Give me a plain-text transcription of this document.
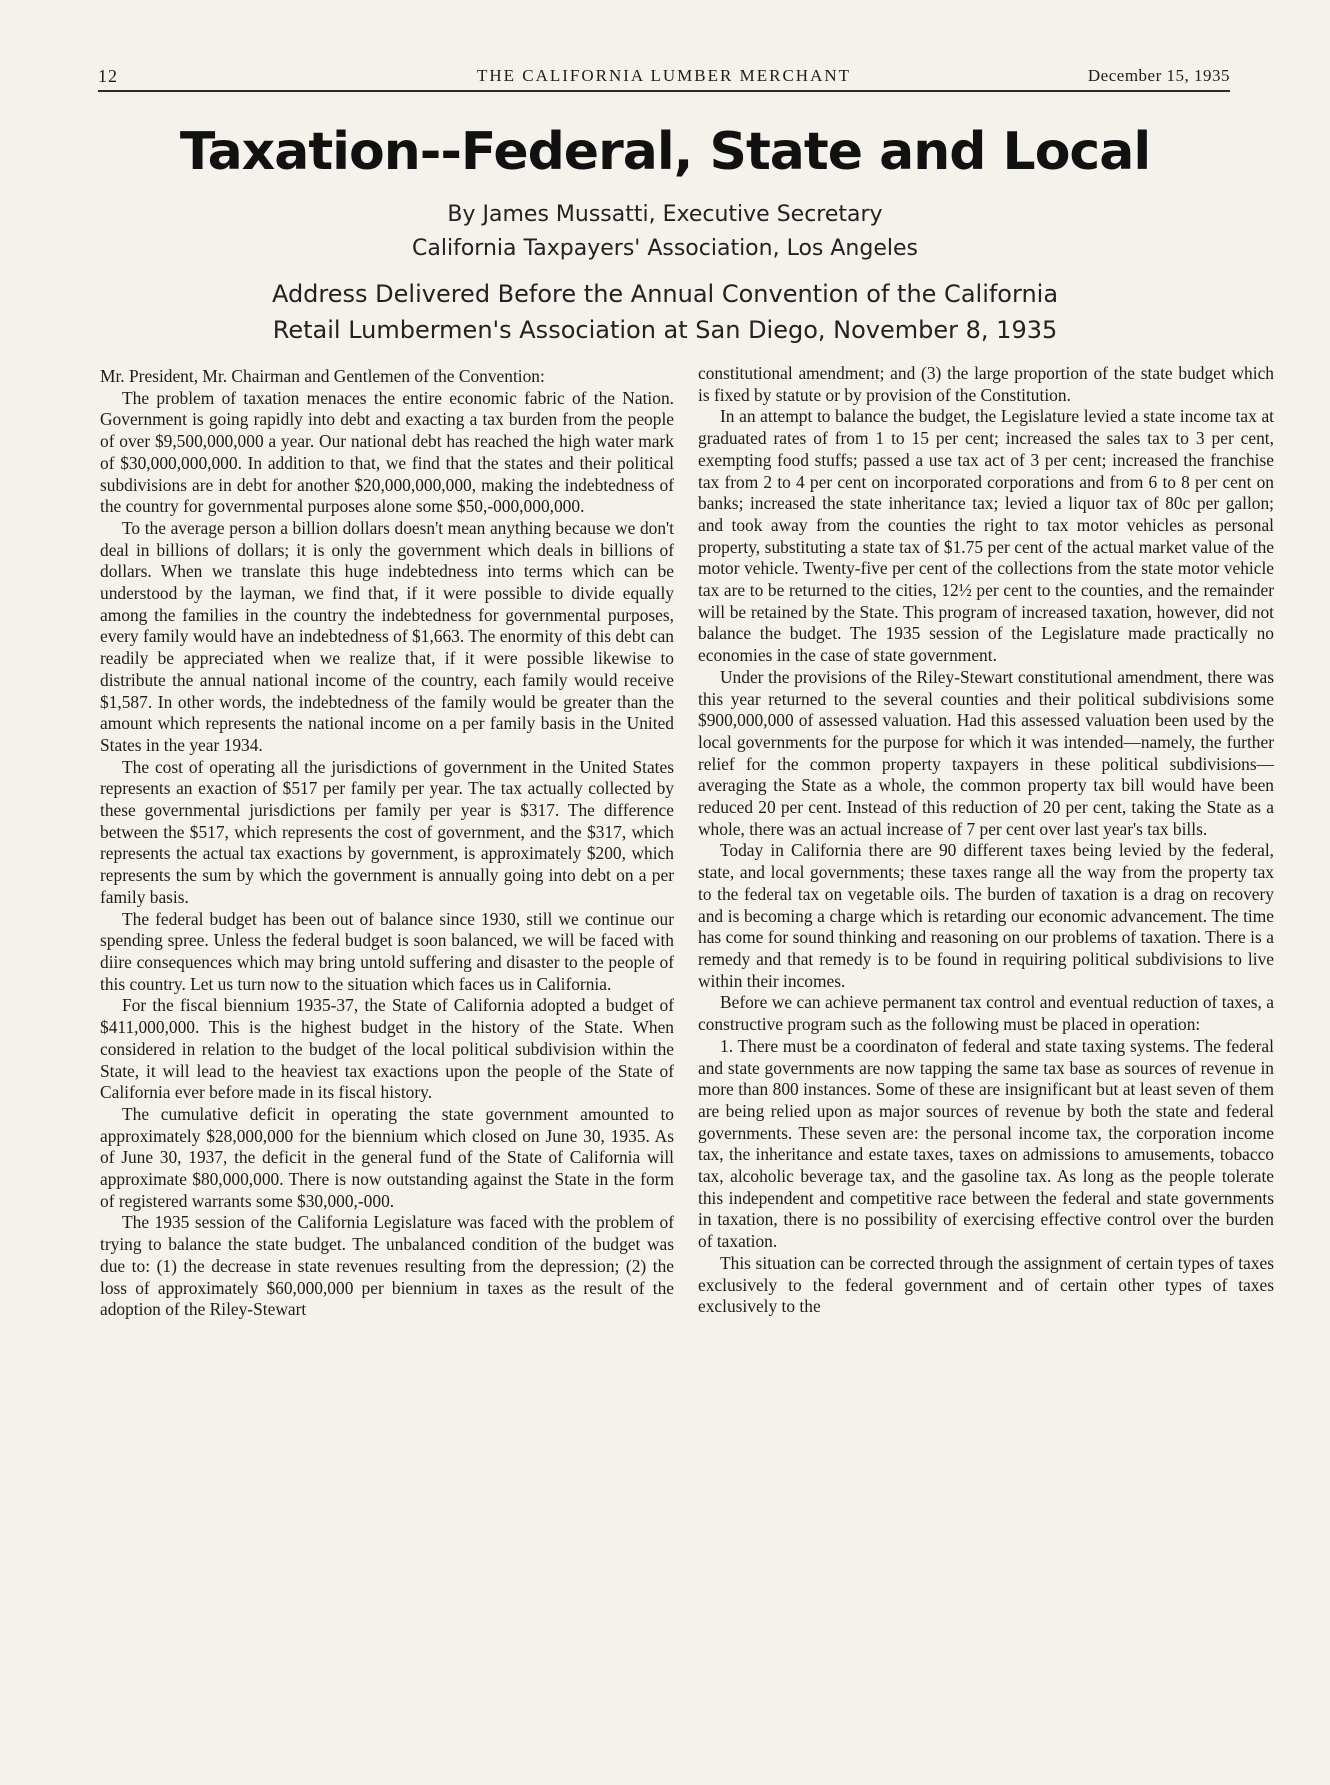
12	THE CALIFORNIA LUMBER MERCHANT	December 15, 1935
Taxation--Federal, State and Local
By James Mussatti, Executive Secretary
California Taxpayers' Association, Los Angeles
Address Delivered Before the Annual Convention of the California
Retail Lumbermen's Association at San Diego, November 8, 1935

Mr. President, Mr. Chairman and Gentlemen of the Convention:

The problem of taxation menaces the entire economic fabric of the Nation. Government is going rapidly into debt and exacting a tax burden from the people of over $9,500,000,000 a year. Our national debt has reached the high water mark of $30,000,000,000. In addition to that, we find that the states and their political subdivisions are in debt for another $20,000,000,000, making the indebtedness of the country for governmental purposes alone some $50,-000,000,000.

To the average person a billion dollars doesn't mean anything because we don't deal in billions of dollars; it is only the government which deals in billions of dollars. When we translate this huge indebtedness into terms which can be understood by the layman, we find that, if it were possible to divide equally among the families in the country the indebtedness for governmental purposes, every family would have an indebtedness of $1,663. The enormity of this debt can readily be appreciated when we realize that, if it were possible likewise to distribute the annual national income of the country, each family would receive $1,587. In other words, the indebtedness of the family would be greater than the amount which represents the national income on a per family basis in the United States in the year 1934.

The cost of operating all the jurisdictions of government in the United States represents an exaction of $517 per family per year. The tax actually collected by these governmental jurisdictions per family per year is $317. The difference between the $517, which represents the cost of government, and the $317, which represents the actual tax exactions by government, is approximately $200, which represents the sum by which the government is annually going into debt on a per family basis.

The federal budget has been out of balance since 1930, still we continue our spending spree. Unless the federal budget is soon balanced, we will be faced with diire consequences which may bring untold suffering and disaster to the people of this country. Let us turn now to the situation which faces us in California.

For the fiscal biennium 1935-37, the State of California adopted a budget of $411,000,000. This is the highest budget in the history of the State. When considered in relation to the budget of the local political subdivision within the State, it will lead to the heaviest tax exactions upon the people of the State of California ever before made in its fiscal history.

The cumulative deficit in operating the state government amounted to approximately $28,000,000 for the biennium which closed on June 30, 1935. As of June 30, 1937, the deficit in the general fund of the State of California will approximate $80,000,000. There is now outstanding against the State in the form of registered warrants some $30,000,-000.

The 1935 session of the California Legislature was faced with the problem of trying to balance the state budget. The unbalanced condition of the budget was due to: (1) the decrease in state revenues resulting from the depression; (2) the loss of approximately $60,000,000 per biennium in taxes as the result of the adoption of the Riley-Stewart

constitutional amendment; and (3) the large proportion of the state budget which is fixed by statute or by provision of the Constitution.

In an attempt to balance the budget, the Legislature levied a state income tax at graduated rates of from 1 to 15 per cent; increased the sales tax to 3 per cent, exempting food stuffs; passed a use tax act of 3 per cent; increased the franchise tax from 2 to 4 per cent on incorporated corporations and from 6 to 8 per cent on banks; increased the state inheritance tax; levied a liquor tax of 80c per gallon; and took away from the counties the right to tax motor vehicles as personal property, substituting a state tax of $1.75 per cent of the actual market value of the motor vehicle. Twenty-five per cent of the collections from the state motor vehicle tax are to be returned to the cities, 12½ per cent to the counties, and the remainder will be retained by the State. This program of increased taxation, however, did not balance the budget. The 1935 session of the Legislature made practically no economies in the case of state government.

Under the provisions of the Riley-Stewart constitutional amendment, there was this year returned to the several counties and their political subdivisions some $900,000,000 of assessed valuation. Had this assessed valuation been used by the local governments for the purpose for which it was intended—namely, the further relief for the common property taxpayers in these political subdivisions—averaging the State as a whole, the common property tax bill would have been reduced 20 per cent. Instead of this reduction of 20 per cent, taking the State as a whole, there was an actual increase of 7 per cent over last year's tax bills.

Today in California there are 90 different taxes being levied by the federal, state, and local governments; these taxes range all the way from the property tax to the federal tax on vegetable oils. The burden of taxation is a drag on recovery and is becoming a charge which is retarding our economic advancement. The time has come for sound thinking and reasoning on our problems of taxation. There is a remedy and that remedy is to be found in requiring political subdivisions to live within their incomes.

Before we can achieve permanent tax control and eventual reduction of taxes, a constructive program such as the following must be placed in operation:

1. There must be a coordinaton of federal and state taxing systems. The federal and state governments are now tapping the same tax base as sources of revenue in more than 800 instances. Some of these are insignificant but at least seven of them are being relied upon as major sources of revenue by both the state and federal governments. These seven are: the personal income tax, the corporation income tax, the inheritance and estate taxes, taxes on admissions to amusements, tobacco tax, alcoholic beverage tax, and the gasoline tax. As long as the people tolerate this independent and competitive race between the federal and state governments in taxation, there is no possibility of exercising effective control over the burden of taxation.

This situation can be corrected through the assignment of certain types of taxes exclusively to the federal government and of certain other types of taxes exclusively to the
